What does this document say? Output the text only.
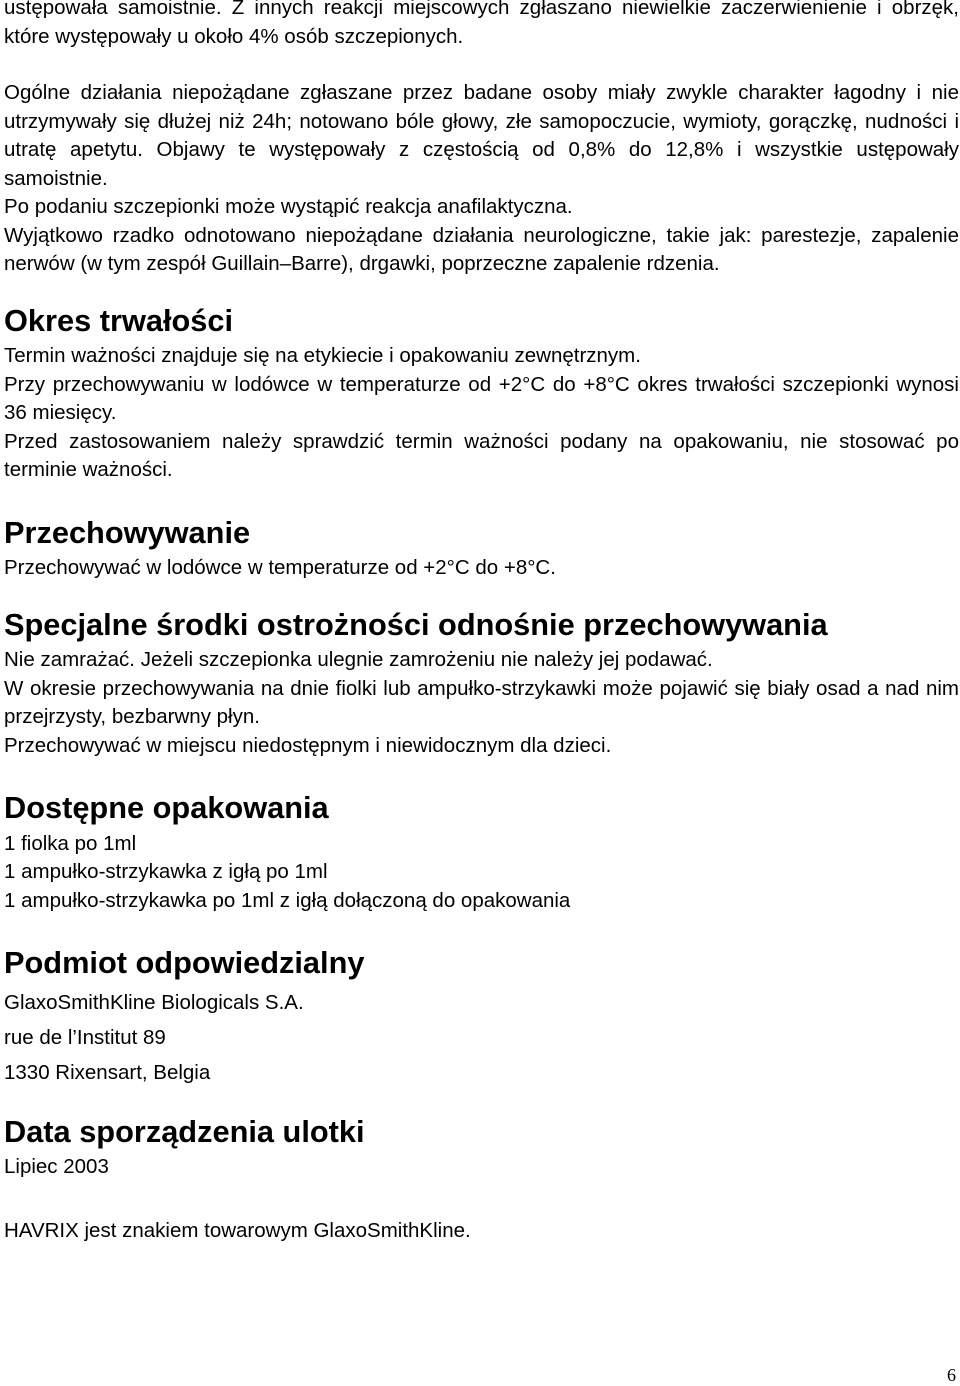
ustępowała samoistnie. Z innych reakcji miejscowych zgłaszano niewielkie zaczerwienienie i obrzęk, które występowały u około 4% osób szczepionych.

Ogólne działania niepożądane zgłaszane przez badane osoby miały zwykle charakter łagodny i nie utrzymywały się dłużej niż 24h; notowano bóle głowy, złe samopoczucie, wymioty, gorączkę, nudności i utratę apetytu. Objawy te występowały z częstością od 0,8% do 12,8% i wszystkie ustępowały samoistnie.

Po podaniu szczepionki może wystąpić reakcja anafilaktyczna.

Wyjątkowo rzadko odnotowano niepożądane działania neurologiczne, takie jak: parestezje, zapalenie nerwów (w tym zespół Guillain–Barre), drgawki, poprzeczne zapalenie rdzenia.

Okres trwałości

Termin ważności znajduje się na etykiecie i opakowaniu zewnętrznym.

Przy przechowywaniu w lodówce w temperaturze od +2°C do +8°C okres trwałości szczepionki wynosi 36 miesięcy.

Przed zastosowaniem należy sprawdzić termin ważności podany na opakowaniu, nie stosować po terminie ważności.

Przechowywanie

Przechowywać w lodówce w temperaturze od +2°C do +8°C.

Specjalne środki ostrożności odnośnie przechowywania

Nie zamrażać. Jeżeli szczepionka ulegnie zamrożeniu nie należy jej podawać.

W okresie przechowywania na dnie fiolki lub ampułko-strzykawki może pojawić się biały osad a nad nim przejrzysty, bezbarwny płyn.

Przechowywać w miejscu niedostępnym i niewidocznym dla dzieci.

Dostępne opakowania

1 fiolka po 1ml

1 ampułko-strzykawka z igłą po 1ml

1 ampułko-strzykawka po 1ml z igłą dołączoną do opakowania

Podmiot odpowiedzialny

GlaxoSmithKline Biologicals S.A.

rue de l’Institut 89

1330 Rixensart, Belgia

Data sporządzenia ulotki

Lipiec 2003

HAVRIX jest znakiem towarowym GlaxoSmithKline.

6
